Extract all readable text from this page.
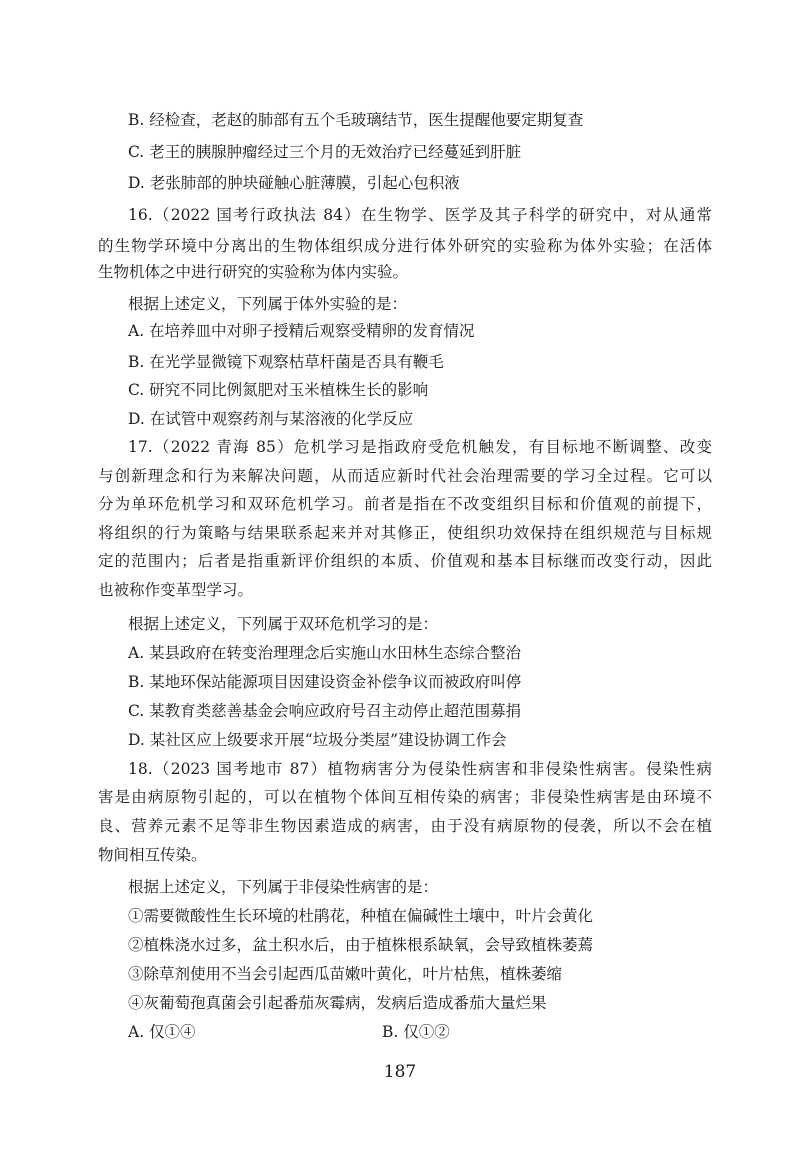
B. 经检查，老赵的肺部有五个毛玻璃结节，医生提醒他要定期复查
C. 老王的胰腺肿瘤经过三个月的无效治疗已经蔓延到肝脏
D. 老张肺部的肿块碰触心脏薄膜，引起心包积液
16.（2022 国考行政执法 84）在生物学、医学及其子科学的研究中，对从通常
的生物学环境中分离出的生物体组织成分进行体外研究的实验称为体外实验；在活体
生物机体之中进行研究的实验称为体内实验。
根据上述定义，下列属于体外实验的是：
A. 在培养皿中对卵子授精后观察受精卵的发育情况
B. 在光学显微镜下观察枯草杆菌是否具有鞭毛
C. 研究不同比例氮肥对玉米植株生长的影响
D. 在试管中观察药剂与某溶液的化学反应
17.（2022 青海 85）危机学习是指政府受危机触发，有目标地不断调整、改变
与创新理念和行为来解决问题，从而适应新时代社会治理需要的学习全过程。它可以
分为单环危机学习和双环危机学习。前者是指在不改变组织目标和价值观的前提下，
将组织的行为策略与结果联系起来并对其修正，使组织功效保持在组织规范与目标规
定的范围内；后者是指重新评价组织的本质、价值观和基本目标继而改变行动，因此
也被称作变革型学习。
根据上述定义，下列属于双环危机学习的是：
A. 某县政府在转变治理理念后实施山水田林生态综合整治
B. 某地环保站能源项目因建设资金补偿争议而被政府叫停
C. 某教育类慈善基金会响应政府号召主动停止超范围募捐
D. 某社区应上级要求开展“垃圾分类屋”建设协调工作会
18.（2023 国考地市 87）植物病害分为侵染性病害和非侵染性病害。侵染性病
害是由病原物引起的，可以在植物个体间互相传染的病害；非侵染性病害是由环境不
良、营养元素不足等非生物因素造成的病害，由于没有病原物的侵袭，所以不会在植
物间相互传染。
根据上述定义，下列属于非侵染性病害的是：
①需要微酸性生长环境的杜鹃花，种植在偏碱性土壤中，叶片会黄化
②植株浇水过多，盆土积水后，由于植株根系缺氧，会导致植株萎蔫
③除草剂使用不当会引起西瓜苗嫩叶黄化，叶片枯焦，植株萎缩
④灰葡萄孢真菌会引起番茄灰霉病，发病后造成番茄大量烂果
A. 仅①④	B. 仅①②
187
